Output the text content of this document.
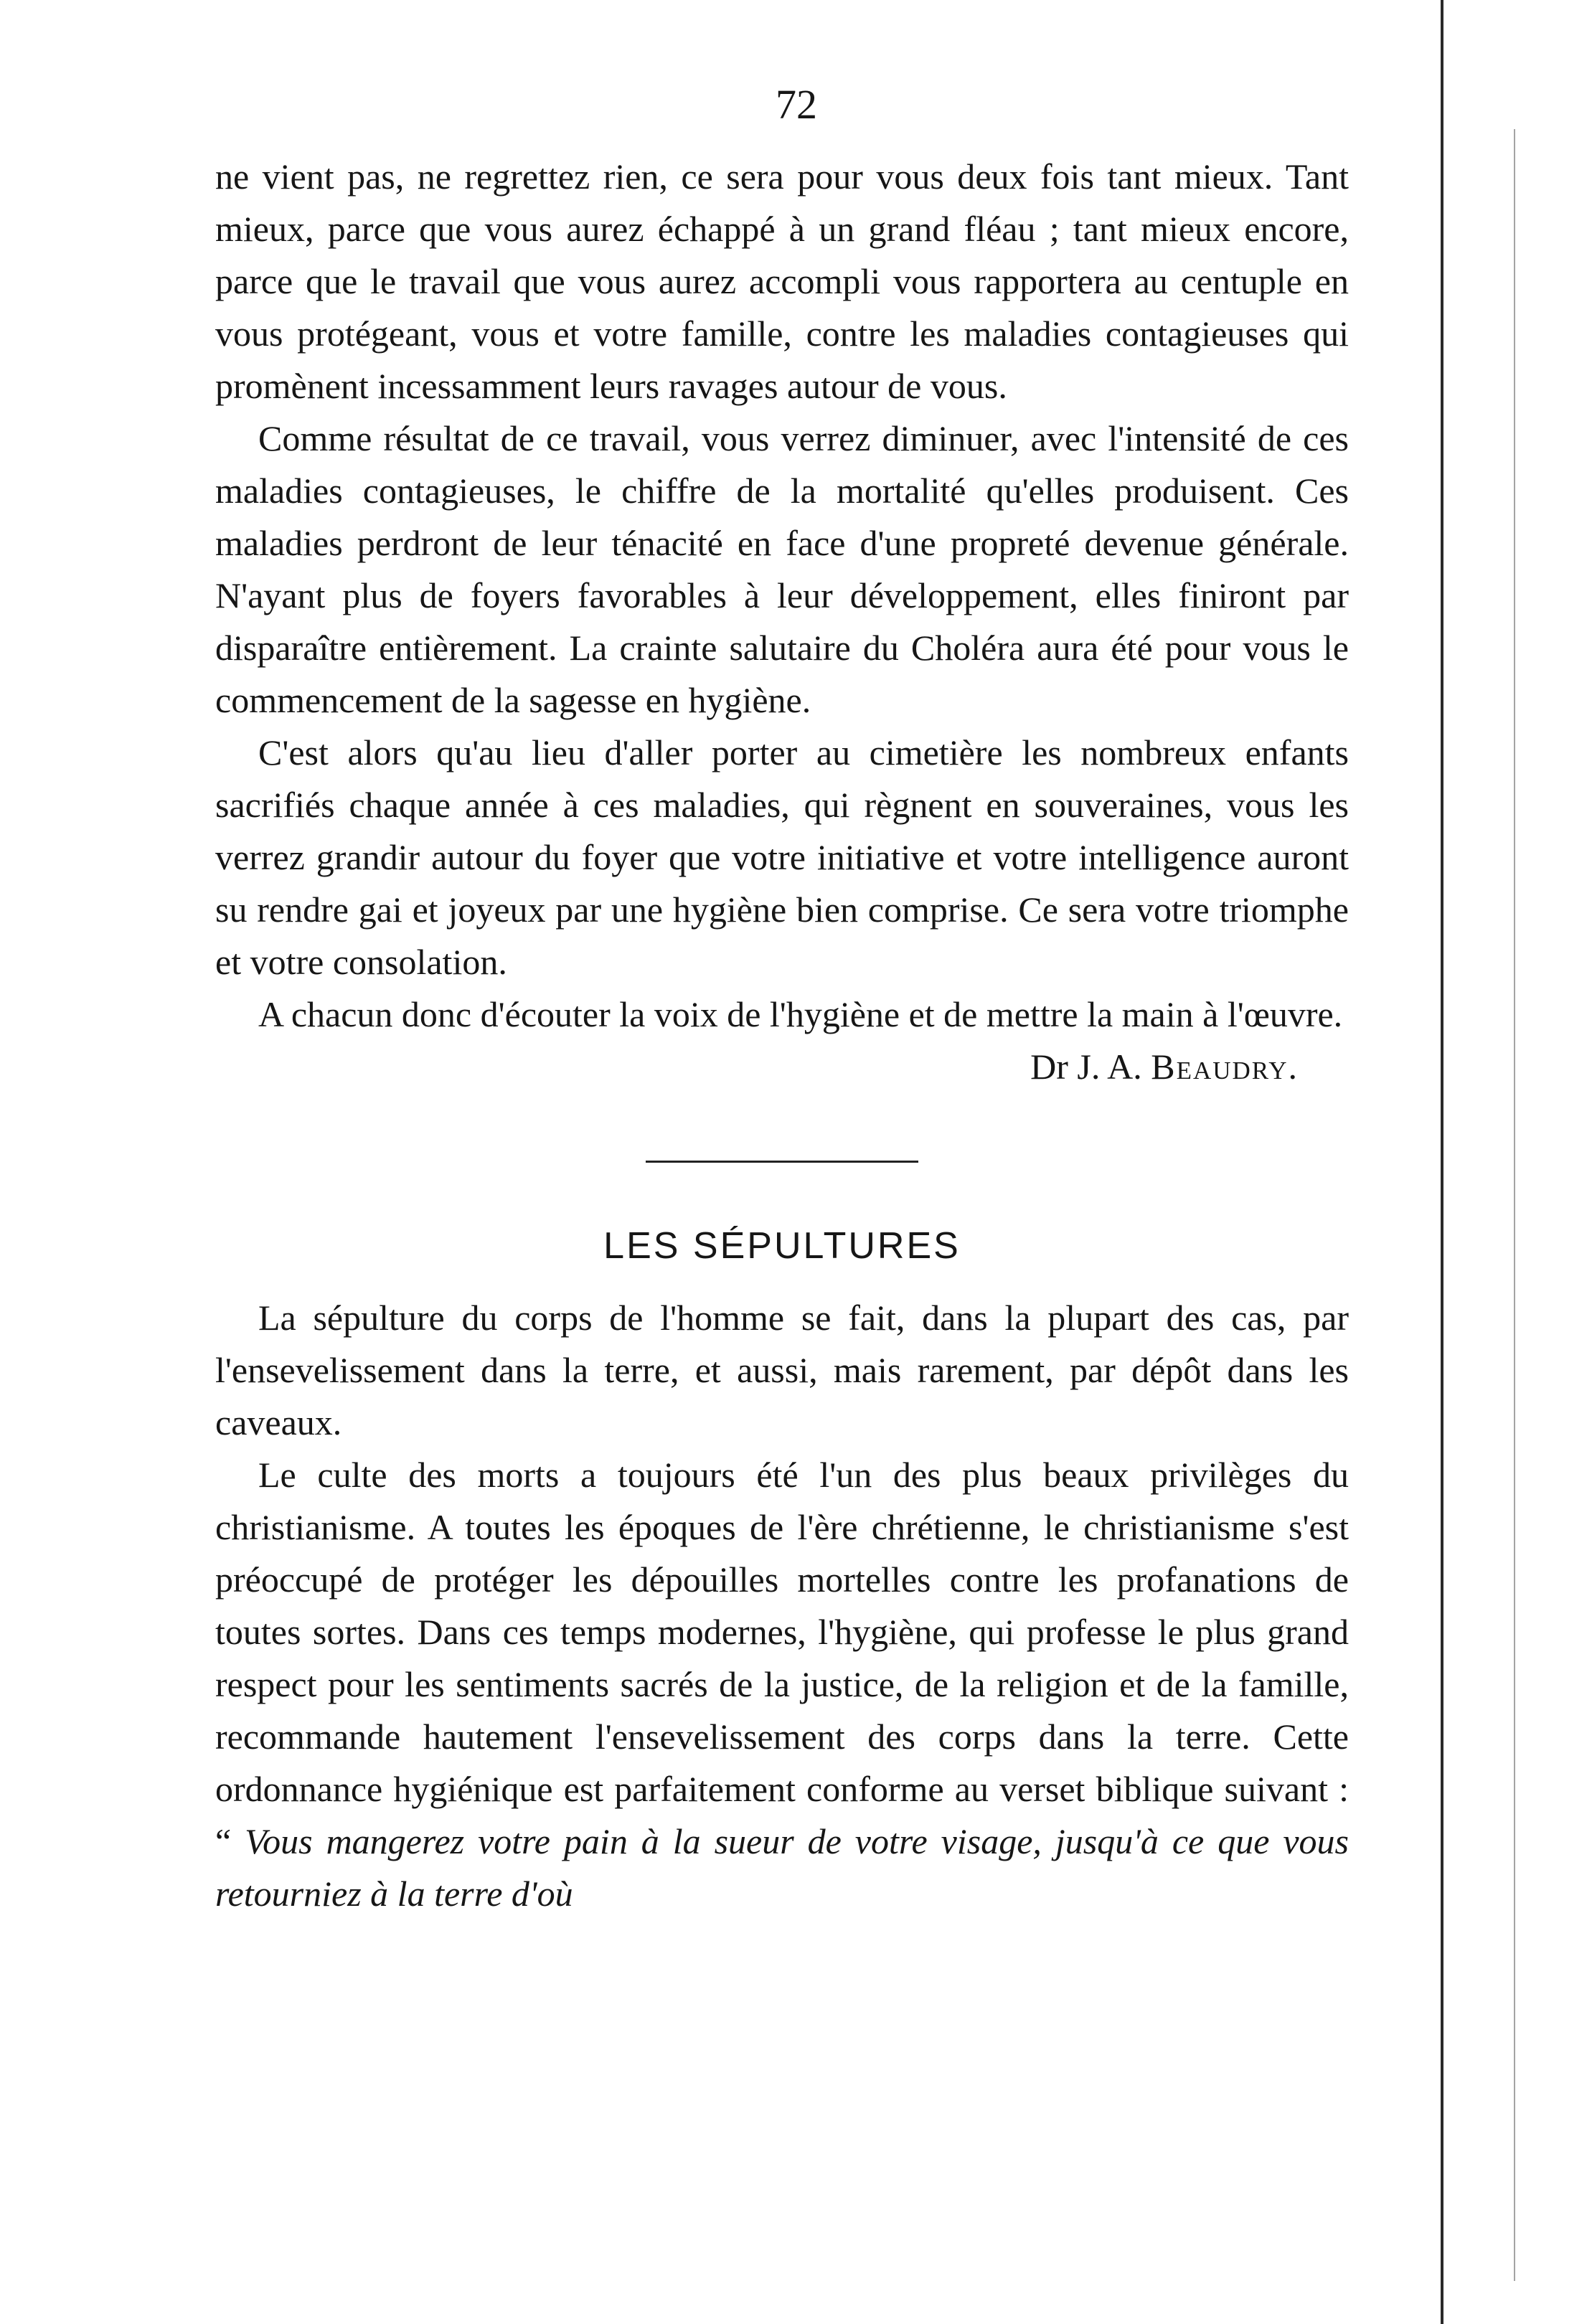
72

ne vient pas, ne regrettez rien, ce sera pour vous deux fois tant mieux. Tant mieux, parce que vous aurez échappé à un grand fléau ; tant mieux encore, parce que le travail que vous aurez accompli vous rapportera au centuple en vous protégeant, vous et votre famille, contre les maladies contagieuses qui promènent incessamment leurs ravages autour de vous.

Comme résultat de ce travail, vous verrez diminuer, avec l'intensité de ces maladies contagieuses, le chiffre de la mortalité qu'elles produisent. Ces maladies perdront de leur ténacité en face d'une propreté devenue générale. N'ayant plus de foyers favorables à leur développement, elles finiront par disparaître entièrement. La crainte salutaire du Choléra aura été pour vous le commencement de la sagesse en hygiène.

C'est alors qu'au lieu d'aller porter au cimetière les nombreux enfants sacrifiés chaque année à ces maladies, qui règnent en souveraines, vous les verrez grandir autour du foyer que votre initiative et votre intelligence auront su rendre gai et joyeux par une hygiène bien comprise. Ce sera votre triomphe et votre consolation.

A chacun donc d'écouter la voix de l'hygiène et de mettre la main à l'œuvre.

Dr J. A. Beaudry.

LES SÉPULTURES

La sépulture du corps de l'homme se fait, dans la plupart des cas, par l'ensevelissement dans la terre, et aussi, mais rarement, par dépôt dans les caveaux.

Le culte des morts a toujours été l'un des plus beaux privilèges du christianisme. A toutes les époques de l'ère chrétienne, le christianisme s'est préoccupé de protéger les dépouilles mortelles contre les profanations de toutes sortes. Dans ces temps modernes, l'hygiène, qui professe le plus grand respect pour les sentiments sacrés de la justice, de la religion et de la famille, recommande hautement l'ensevelissement des corps dans la terre. Cette ordonnance hygiénique est parfaitement conforme au verset biblique suivant : “ Vous mangerez votre pain à la sueur de votre visage, jusqu'à ce que vous retourniez à la terre d'où
